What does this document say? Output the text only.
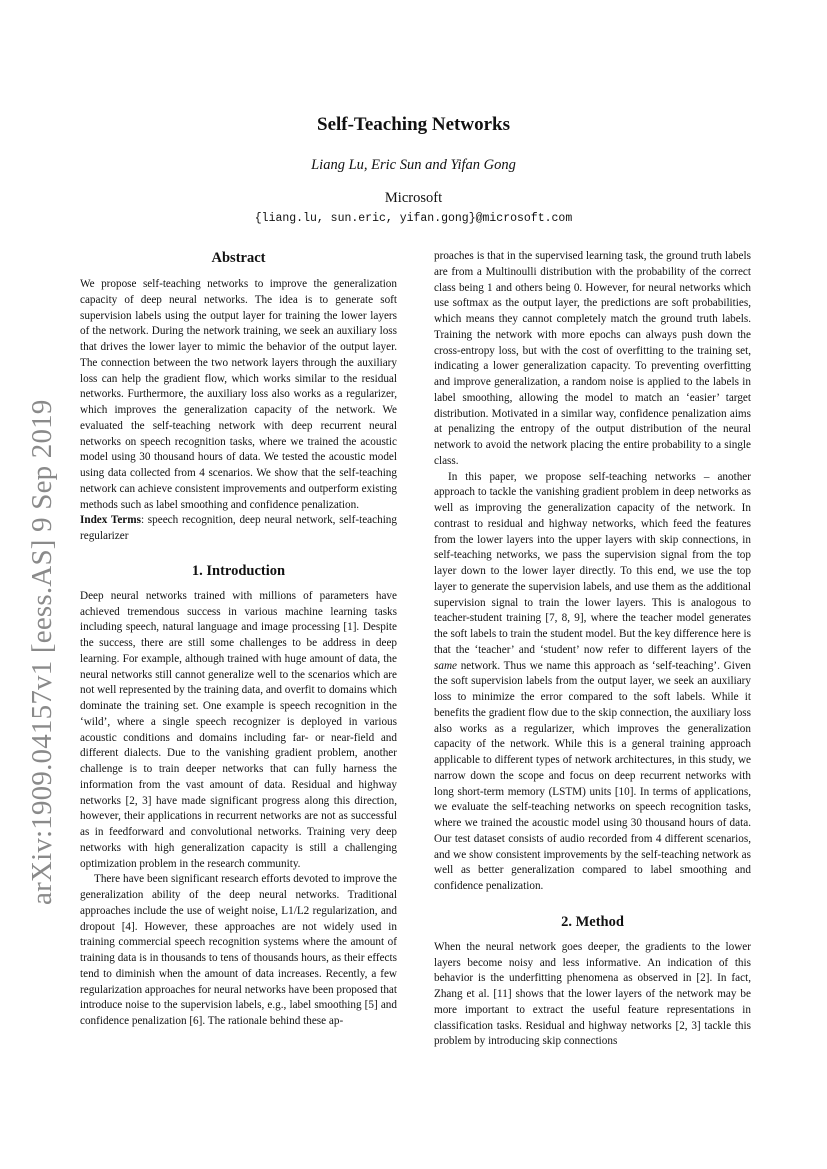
arXiv:1909.04157v1 [eess.AS] 9 Sep 2019
Self-Teaching Networks
Liang Lu, Eric Sun and Yifan Gong
Microsoft
{liang.lu, sun.eric, yifan.gong}@microsoft.com
Abstract

We propose self-teaching networks to improve the generalization capacity of deep neural networks. The idea is to generate soft supervision labels using the output layer for training the lower layers of the network. During the network training, we seek an auxiliary loss that drives the lower layer to mimic the behavior of the output layer. The connection between the two network layers through the auxiliary loss can help the gradient flow, which works similar to the residual networks. Furthermore, the auxiliary loss also works as a regularizer, which improves the generalization capacity of the network. We evaluated the self-teaching network with deep recurrent neural networks on speech recognition tasks, where we trained the acoustic model using 30 thousand hours of data. We tested the acoustic model using data collected from 4 scenarios. We show that the self-teaching network can achieve consistent improvements and outperform existing methods such as label smoothing and confidence penalization.

Index Terms: speech recognition, deep neural network, self-teaching regularizer

1. Introduction

Deep neural networks trained with millions of parameters have achieved tremendous success in various machine learning tasks including speech, natural language and image processing [1]. Despite the success, there are still some challenges to be address in deep learning. For example, although trained with huge amount of data, the neural networks still cannot generalize well to the scenarios which are not well represented by the training data, and overfit to domains which dominate the training set. One example is speech recognition in the ‘wild’, where a single speech recognizer is deployed in various acoustic conditions and domains including far- or near-field and different dialects. Due to the vanishing gradient problem, another challenge is to train deeper networks that can fully harness the information from the vast amount of data. Residual and highway networks [2, 3] have made significant progress along this direction, however, their applications in recurrent networks are not as successful as in feedforward and convolutional networks. Training very deep networks with high generalization capacity is still a challenging optimization problem in the research community.

There have been significant research efforts devoted to improve the generalization ability of the deep neural networks. Traditional approaches include the use of weight noise, L1/L2 regularization, and dropout [4]. However, these approaches are not widely used in training commercial speech recognition systems where the amount of training data is in thousands to tens of thousands hours, as their effects tend to diminish when the amount of data increases. Recently, a few regularization approaches for neural networks have been proposed that introduce noise to the supervision labels, e.g., label smoothing [5] and confidence penalization [6]. The rationale behind these ap-

proaches is that in the supervised learning task, the ground truth labels are from a Multinoulli distribution with the probability of the correct class being 1 and others being 0. However, for neural networks which use softmax as the output layer, the predictions are soft probabilities, which means they cannot completely match the ground truth labels. Training the network with more epochs can always push down the cross-entropy loss, but with the cost of overfitting to the training set, indicating a lower generalization capacity. To preventing overfitting and improve generalization, a random noise is applied to the labels in label smoothing, allowing the model to match an ‘easier’ target distribution. Motivated in a similar way, confidence penalization aims at penalizing the entropy of the output distribution of the neural network to avoid the network placing the entire probability to a single class.

In this paper, we propose self-teaching networks – another approach to tackle the vanishing gradient problem in deep networks as well as improving the generalization capacity of the network. In contrast to residual and highway networks, which feed the features from the lower layers into the upper layers with skip connections, in self-teaching networks, we pass the supervision signal from the top layer down to the lower layer directly. To this end, we use the top layer to generate the supervision labels, and use them as the additional supervision signal to train the lower layers. This is analogous to teacher-student training [7, 8, 9], where the teacher model generates the soft labels to train the student model. But the key difference here is that the ‘teacher’ and ‘student’ now refer to different layers of the same network. Thus we name this approach as ‘self-teaching’. Given the soft supervision labels from the output layer, we seek an auxiliary loss to minimize the error compared to the soft labels. While it benefits the gradient flow due to the skip connection, the auxiliary loss also works as a regularizer, which improves the generalization capacity of the network. While this is a general training approach applicable to different types of network architectures, in this study, we narrow down the scope and focus on deep recurrent networks with long short-term memory (LSTM) units [10]. In terms of applications, we evaluate the self-teaching networks on speech recognition tasks, where we trained the acoustic model using 30 thousand hours of data. Our test dataset consists of audio recorded from 4 different scenarios, and we show consistent improvements by the self-teaching network as well as better generalization compared to label smoothing and confidence penalization.

2. Method

When the neural network goes deeper, the gradients to the lower layers become noisy and less informative. An indication of this behavior is the underfitting phenomena as observed in [2]. In fact, Zhang et al. [11] shows that the lower layers of the network may be more important to extract the useful feature representations in classification tasks. Residual and highway networks [2, 3] tackle this problem by introducing skip connections
